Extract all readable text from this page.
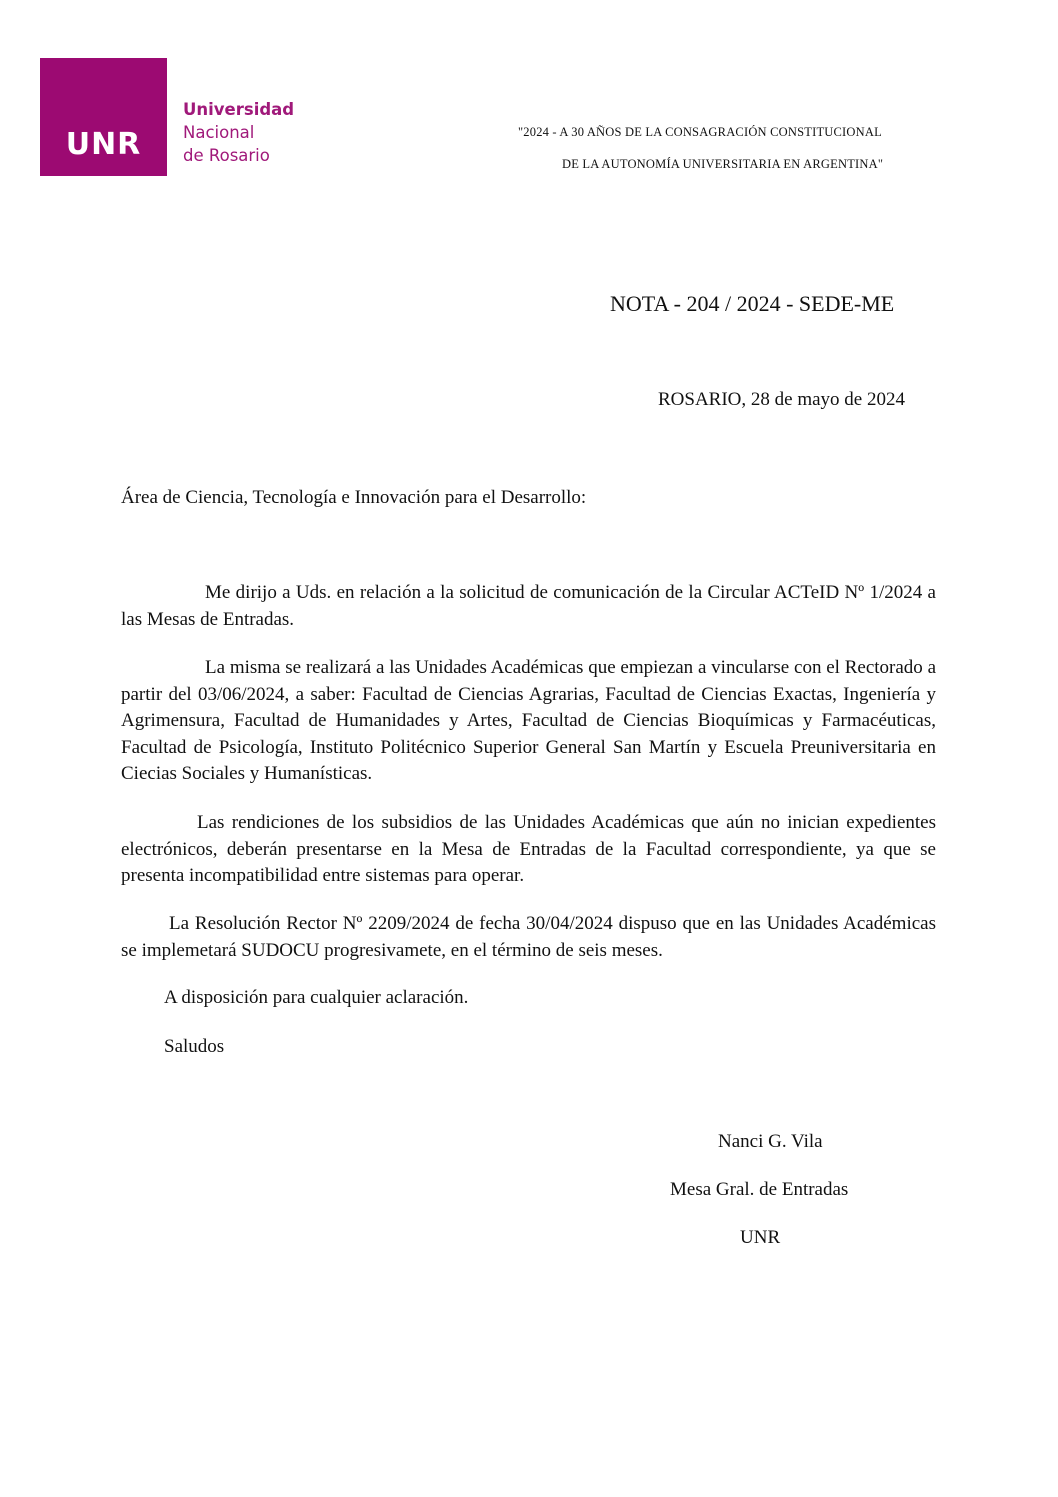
UNR
Universidad
Nacional
de Rosario
"2024 - A 30 AÑOS DE LA CONSAGRACIÓN CONSTITUCIONAL
DE LA AUTONOMÍA UNIVERSITARIA EN ARGENTINA"
NOTA - 204 / 2024 - SEDE-ME
ROSARIO, 28 de mayo de 2024
Área de Ciencia, Tecnología e Innovación para el Desarrollo:

Me dirijo a Uds. en relación a la solicitud de comunicación de la Circular ACTeID Nº 1/2024 a las Mesas de Entradas.

La misma se realizará a las Unidades Académicas que empiezan a vincularse con el Rectorado a partir del 03/06/2024, a saber: Facultad de Ciencias Agrarias, Facultad de Ciencias Exactas, Ingeniería y Agrimensura, Facultad de Humanidades y Artes, Facultad de Ciencias Bioquímicas y Farmacéuticas, Facultad de Psicología, Instituto Politécnico Superior General San Martín y Escuela Preuniversitaria en Ciecias Sociales y Humanísticas.

Las rendiciones de los subsidios de las Unidades Académicas que aún no inician expedientes electrónicos, deberán presentarse en la Mesa de Entradas de la Facultad correspondiente, ya que se presenta incompatibilidad entre sistemas para operar.

La Resolución Rector Nº 2209/2024 de fecha 30/04/2024 dispuso que en las Unidades Académicas se implemetará SUDOCU progresivamete, en el término de seis meses.

A disposición para cualquier aclaración.
Saludos
Nanci G. Vila
Mesa Gral. de Entradas
UNR
